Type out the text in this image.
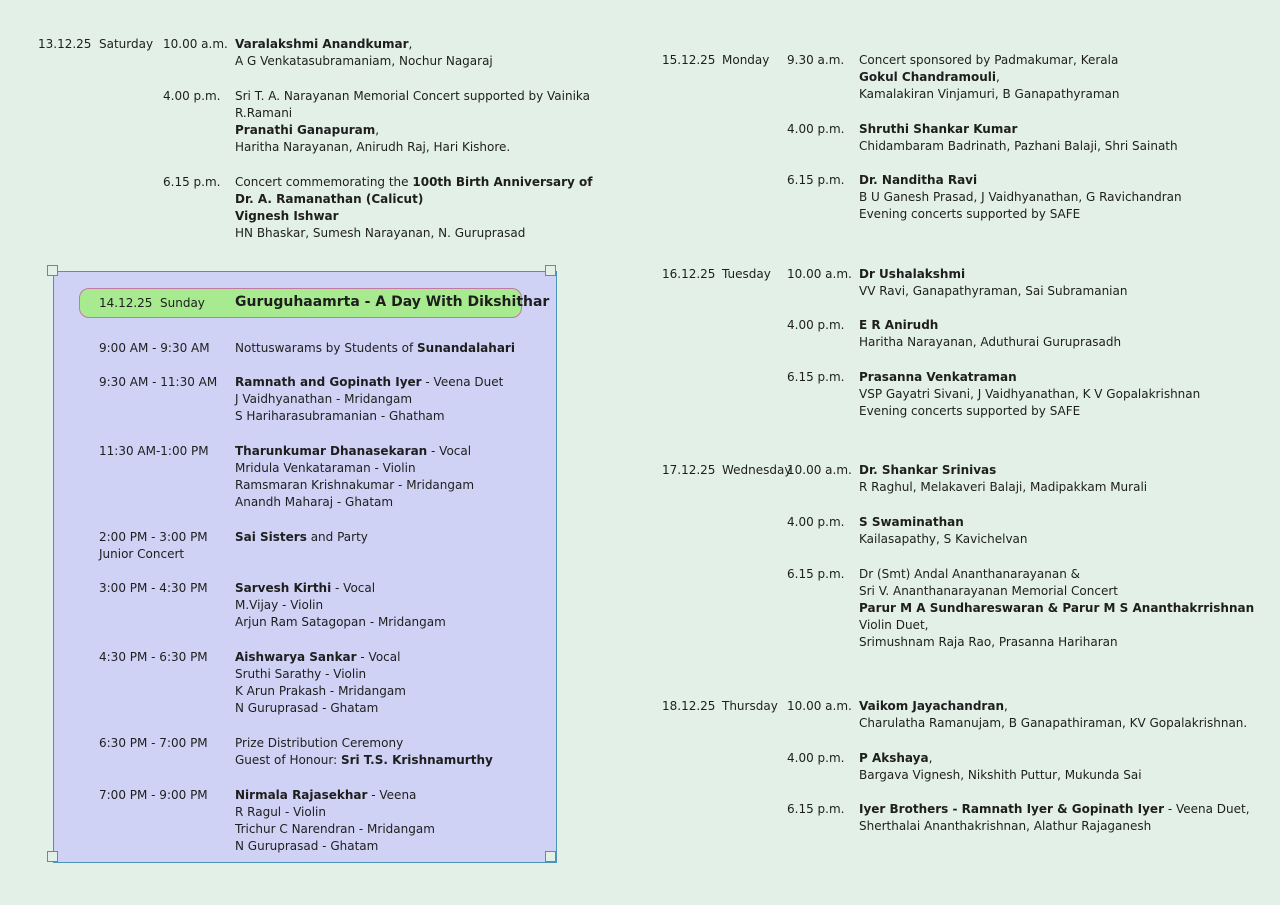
13.12.25 Saturday 10.00 a.m. Varalakshmi Anandkumar,
A G Venkatasubramaniam, Nochur Nagaraj
4.00 p.m. Sri T. A. Narayanan Memorial Concert supported by Vainika
R.Ramani
Pranathi Ganapuram,
Haritha Narayanan, Anirudh Raj, Hari Kishore.
6.15 p.m. Concert commemorating the 100th Birth Anniversary of
Dr. A. Ramanathan (Calicut)
Vignesh Ishwar
HN Bhaskar, Sumesh Narayanan, N. Guruprasad
14.12.25 Sunday Guruguhaamrta - A Day With Dikshithar
9:00 AM - 9:30 AM Nottuswarams by Students of Sunandalahari
9:30 AM - 11:30 AM Ramnath and Gopinath Iyer - Veena Duet
J Vaidhyanathan - Mridangam
S Hariharasubramanian - Ghatham
11:30 AM-1:00 PM Tharunkumar Dhanasekaran - Vocal
Mridula Venkataraman - Violin
Ramsmaran Krishnakumar - Mridangam
Anandh Maharaj - Ghatam
2:00 PM - 3:00 PM Sai Sisters and Party
Junior Concert
3:00 PM - 4:30 PM Sarvesh Kirthi - Vocal
M.Vijay - Violin
Arjun Ram Satagopan - Mridangam
4:30 PM - 6:30 PM Aishwarya Sankar - Vocal
Sruthi Sarathy - Violin
K Arun Prakash - Mridangam
N Guruprasad - Ghatam
6:30 PM - 7:00 PM Prize Distribution Ceremony
Guest of Honour: Sri T.S. Krishnamurthy
7:00 PM - 9:00 PM Nirmala Rajasekhar - Veena
R Ragul - Violin
Trichur C Narendran - Mridangam
N Guruprasad - Ghatam
15.12.25 Monday 9.30 a.m. Concert sponsored by Padmakumar, Kerala
Gokul Chandramouli,
Kamalakiran Vinjamuri, B Ganapathyraman
4.00 p.m. Shruthi Shankar Kumar
Chidambaram Badrinath, Pazhani Balaji, Shri Sainath
6.15 p.m. Dr. Nanditha Ravi
B U Ganesh Prasad, J Vaidhyanathan, G Ravichandran
Evening concerts supported by SAFE
16.12.25 Tuesday 10.00 a.m. Dr Ushalakshmi
VV Ravi, Ganapathyraman, Sai Subramanian
4.00 p.m. E R Anirudh
Haritha Narayanan, Aduthurai Guruprasadh
6.15 p.m. Prasanna Venkatraman
VSP Gayatri Sivani, J Vaidhyanathan, K V Gopalakrishnan
Evening concerts supported by SAFE
17.12.25 Wednesday
10.00 a.m. Dr. Shankar Srinivas
R Raghul, Melakaveri Balaji, Madipakkam Murali
4.00 p.m. S Swaminathan
Kailasapathy, S Kavichelvan
6.15 p.m. Dr (Smt) Andal Ananthanarayanan &
Sri V. Ananthanarayanan Memorial Concert
Parur M A Sundhareswaran & Parur M S Ananthakrrishnan
Violin Duet,
Srimushnam Raja Rao, Prasanna Hariharan
18.12.25 Thursday 10.00 a.m. Vaikom Jayachandran,
Charulatha Ramanujam, B Ganapathiraman, KV Gopalakrishnan.
4.00 p.m. P Akshaya,
Bargava Vignesh, Nikshith Puttur, Mukunda Sai
6.15 p.m. Iyer Brothers - Ramnath Iyer & Gopinath Iyer - Veena Duet,
Sherthalai Ananthakrishnan, Alathur Rajaganesh
